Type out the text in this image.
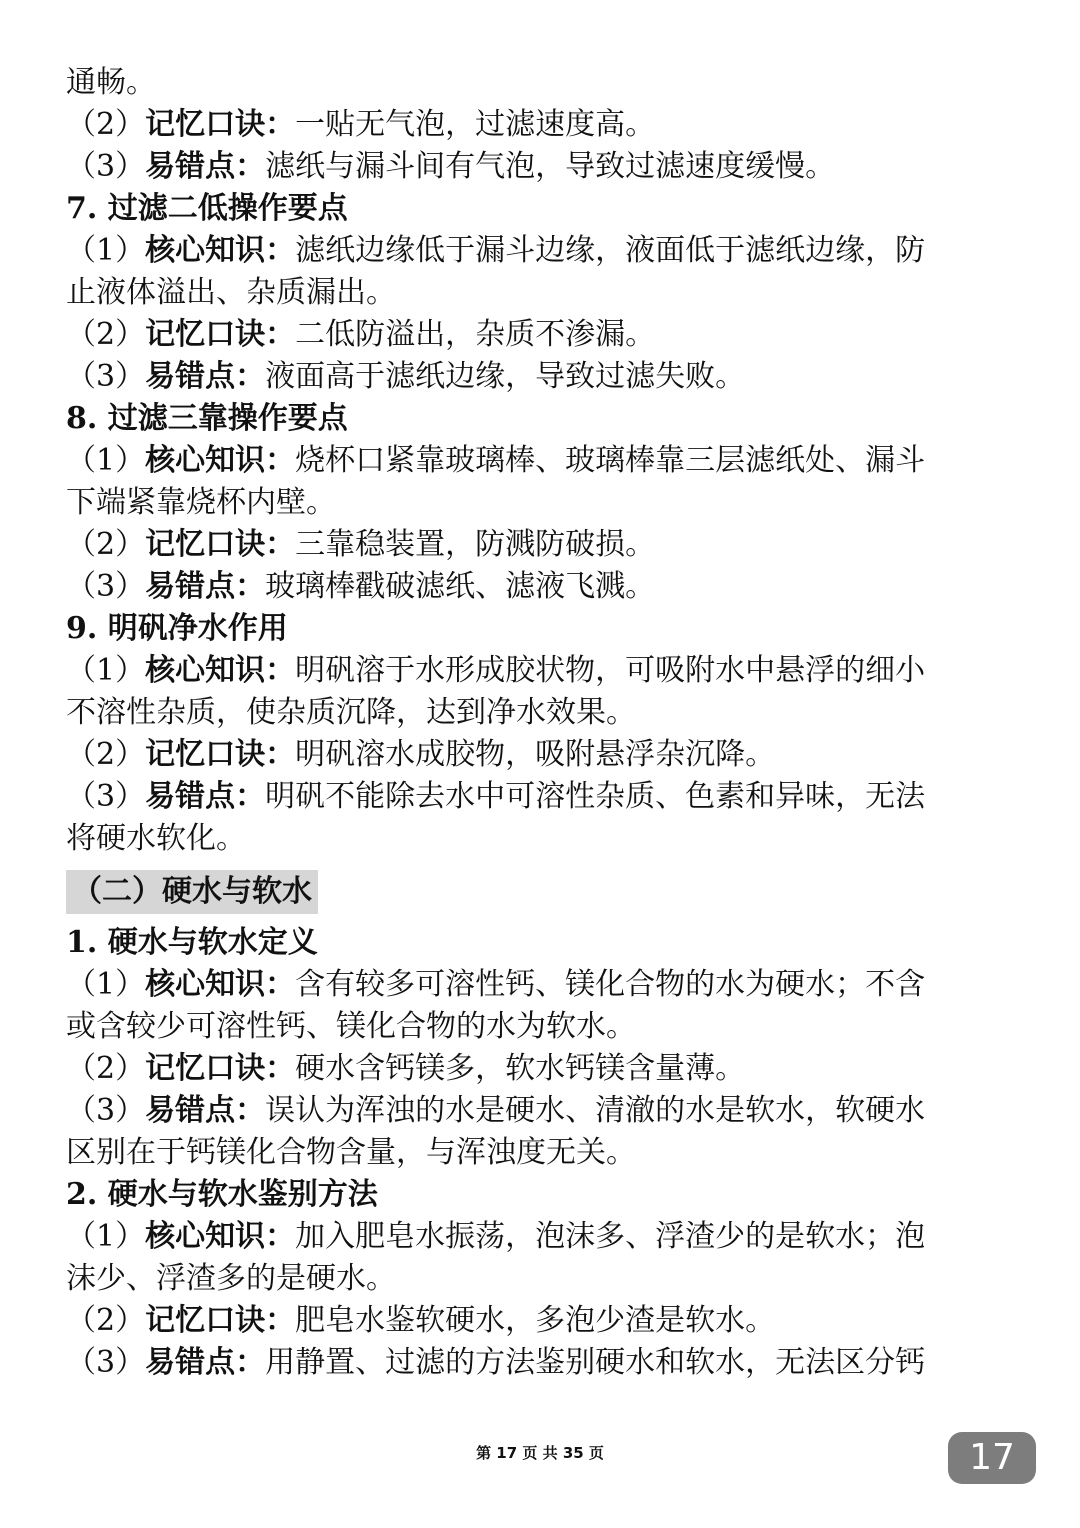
通畅。
（2）记忆口诀：一贴无气泡，过滤速度高。
（3）易错点：滤纸与漏斗间有气泡，导致过滤速度缓慢。
7. 过滤二低操作要点
（1）核心知识：滤纸边缘低于漏斗边缘，液面低于滤纸边缘，防
止液体溢出、杂质漏出。
（2）记忆口诀：二低防溢出，杂质不渗漏。
（3）易错点：液面高于滤纸边缘，导致过滤失败。
8. 过滤三靠操作要点
（1）核心知识：烧杯口紧靠玻璃棒、玻璃棒靠三层滤纸处、漏斗
下端紧靠烧杯内壁。
（2）记忆口诀：三靠稳装置，防溅防破损。
（3）易错点：玻璃棒戳破滤纸、滤液飞溅。
9. 明矾净水作用
（1）核心知识：明矾溶于水形成胶状物，可吸附水中悬浮的细小
不溶性杂质，使杂质沉降，达到净水效果。
（2）记忆口诀：明矾溶水成胶物，吸附悬浮杂沉降。
（3）易错点：明矾不能除去水中可溶性杂质、色素和异味，无法
将硬水软化。
（二）硬水与软水
1. 硬水与软水定义
（1）核心知识：含有较多可溶性钙、镁化合物的水为硬水；不含
或含较少可溶性钙、镁化合物的水为软水。
（2）记忆口诀：硬水含钙镁多，软水钙镁含量薄。
（3）易错点：误认为浑浊的水是硬水、清澈的水是软水，软硬水
区别在于钙镁化合物含量，与浑浊度无关。
2. 硬水与软水鉴别方法
（1）核心知识：加入肥皂水振荡，泡沫多、浮渣少的是软水；泡
沫少、浮渣多的是硬水。
（2）记忆口诀：肥皂水鉴软硬水，多泡少渣是软水。
（3）易错点：用静置、过滤的方法鉴别硬水和软水，无法区分钙
第 17 页 共 35 页	17
